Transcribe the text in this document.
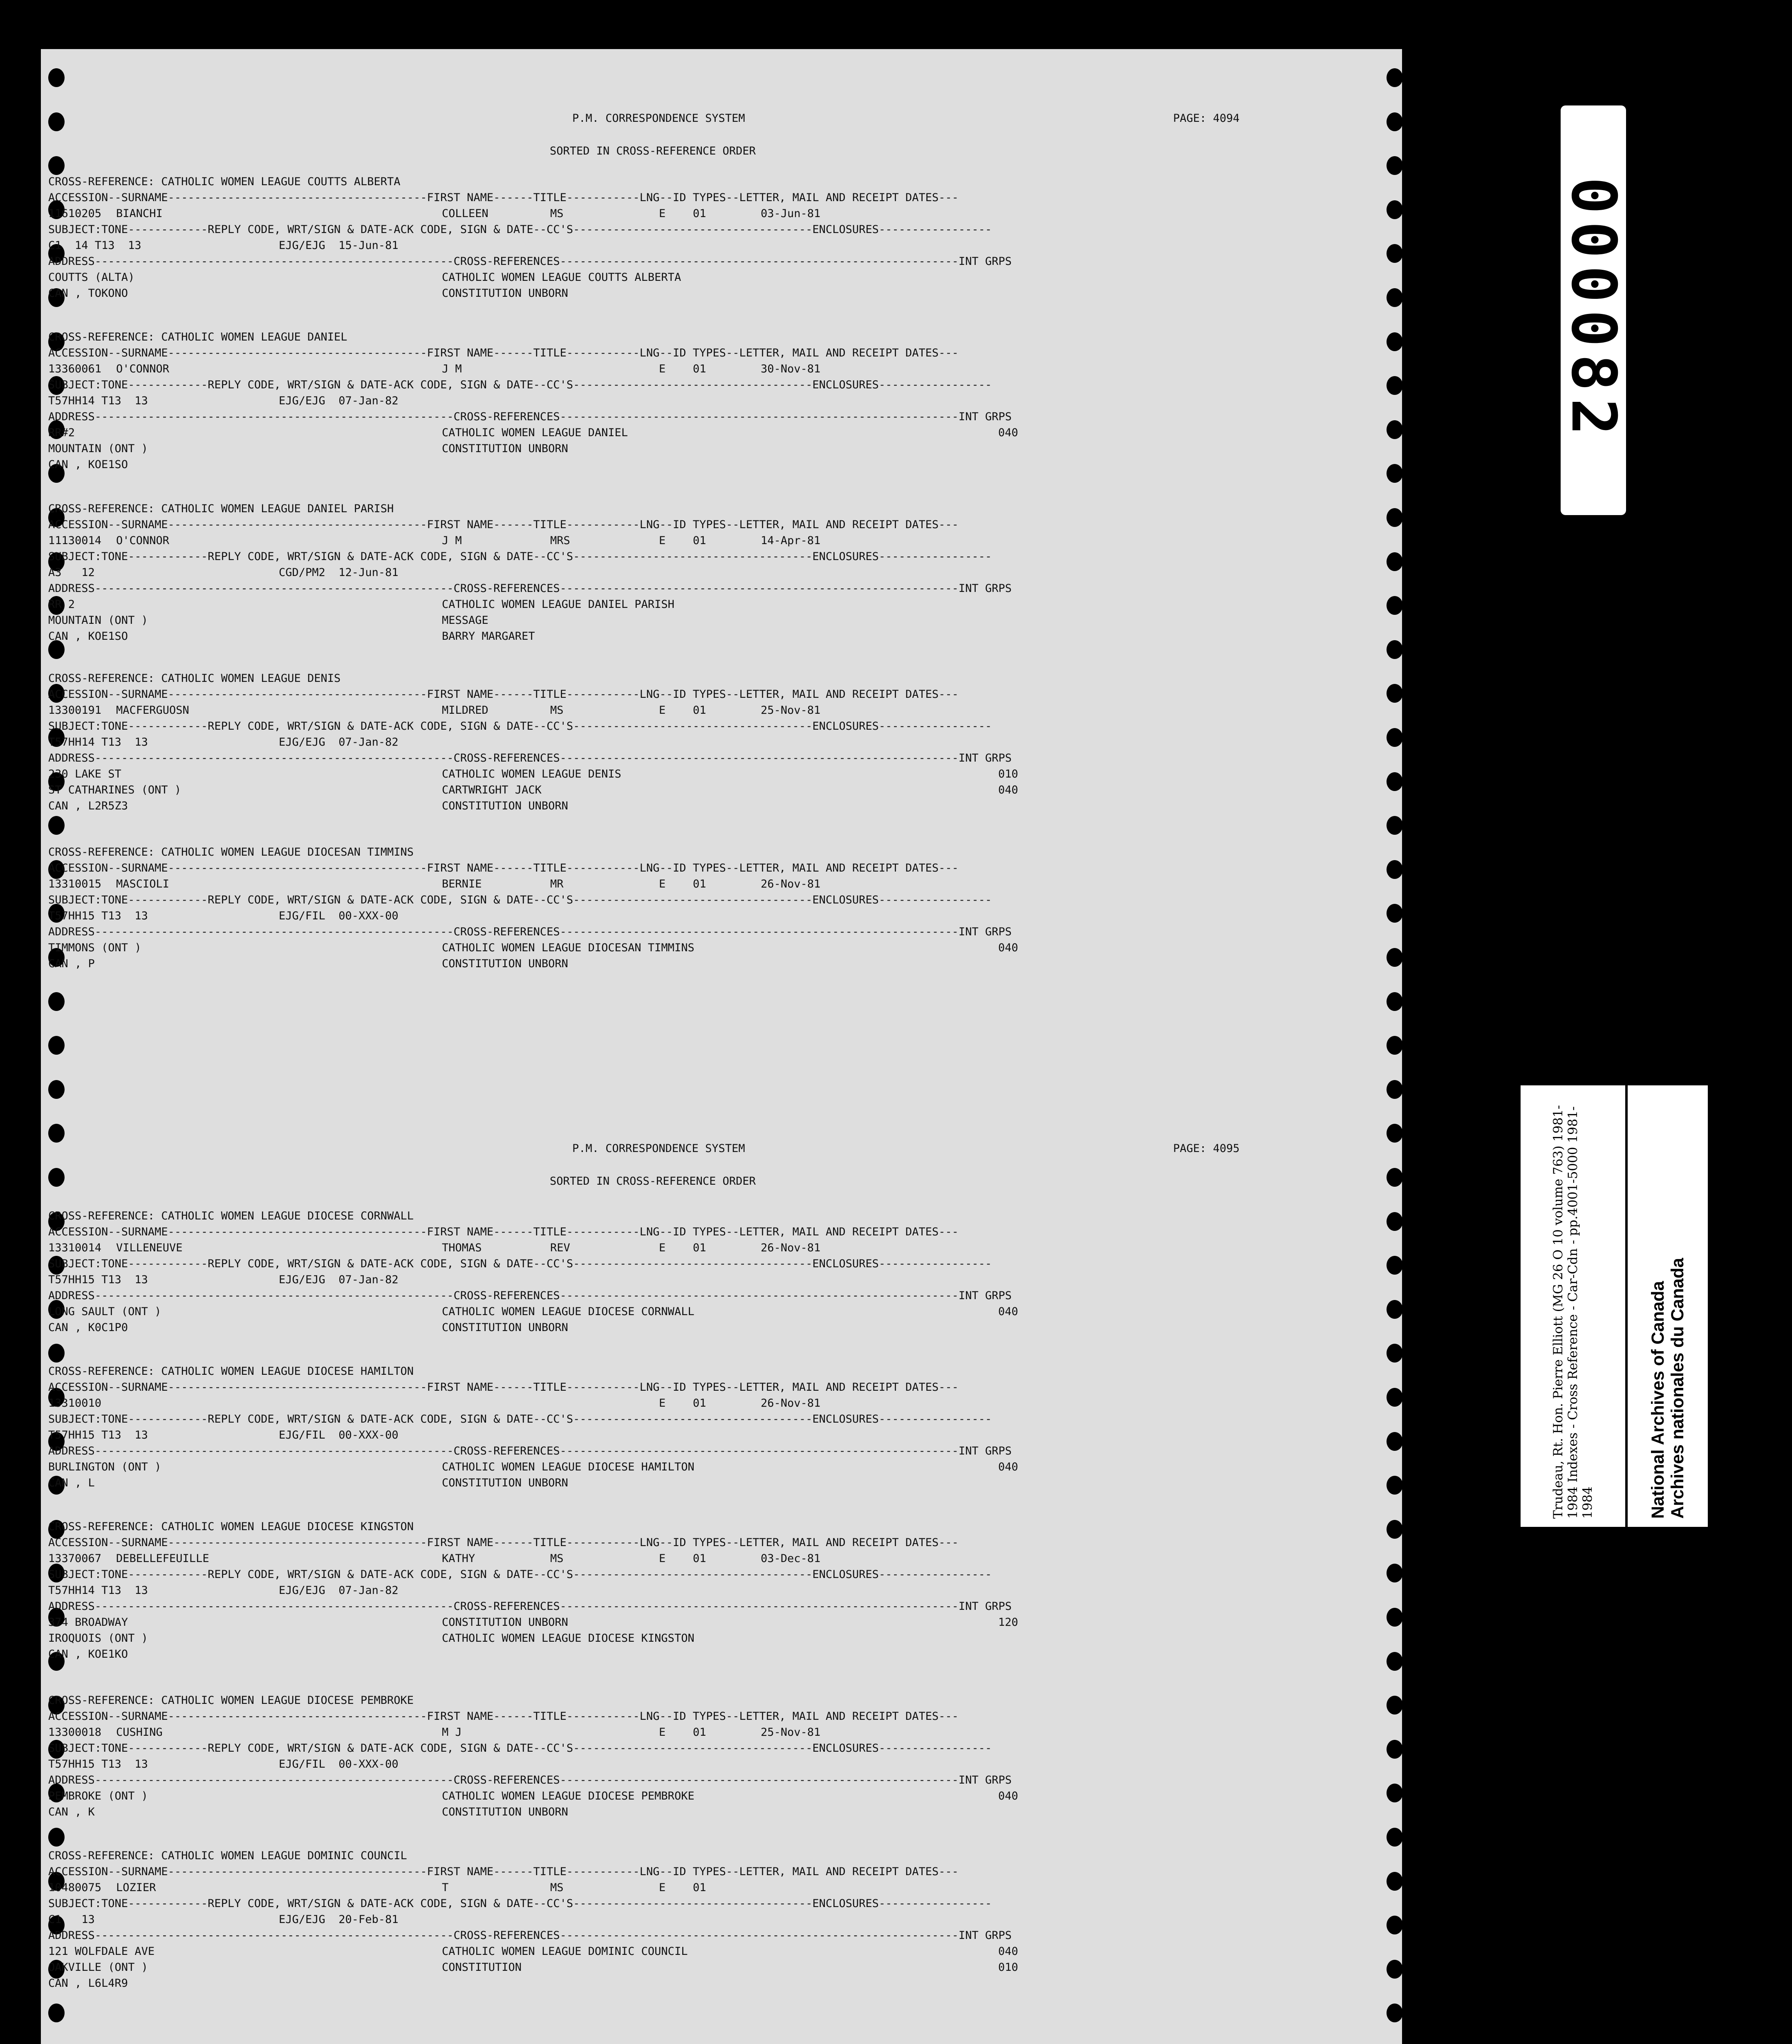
P.M. CORRESPONDENCE SYSTEM	PAGE: 4094
SORTED IN CROSS-REFERENCE ORDER
CROSS-REFERENCE: CATHOLIC WOMEN LEAGUE COUTTS ALBERTA
ACCESSION--SURNAME---------------------------------------FIRST NAME------TITLE-----------LNG--ID TYPES--LETTER, MAIL AND RECEIPT DATES---
11610205 BIANCHI	COLLEEN	MS	E 01	03-Jun-81
SUBJECT:TONE------------REPLY CODE, WRT/SIGN & DATE-ACK CODE, SIGN & DATE--CC'S------------------------------------ENCLOSURES-----------------
C1  14 T13  13	EJG/EJG  15-Jun-81
ADDRESS------------------------------------------------------CROSS-REFERENCES------------------------------------------------------------INT GRPS
COUTTS (ALTA)	CATHOLIC WOMEN LEAGUE COUTTS ALBERTA
CAN , TOKONO	CONSTITUTION UNBORN
CROSS-REFERENCE: CATHOLIC WOMEN LEAGUE DANIEL
ACCESSION--SURNAME---------------------------------------FIRST NAME------TITLE-----------LNG--ID TYPES--LETTER, MAIL AND RECEIPT DATES---
13360061 O'CONNOR	J M	E 01	30-Nov-81
SUBJECT:TONE------------REPLY CODE, WRT/SIGN & DATE-ACK CODE, SIGN & DATE--CC'S------------------------------------ENCLOSURES-----------------
T57HH14 T13  13	EJG/EJG  07-Jan-82
ADDRESS------------------------------------------------------CROSS-REFERENCES------------------------------------------------------------INT GRPS
RR#2	CATHOLIC WOMEN LEAGUE DANIEL	040
MOUNTAIN (ONT )	CONSTITUTION UNBORN
CAN , KOE1SO
CROSS-REFERENCE: CATHOLIC WOMEN LEAGUE DANIEL PARISH
ACCESSION--SURNAME---------------------------------------FIRST NAME------TITLE-----------LNG--ID TYPES--LETTER, MAIL AND RECEIPT DATES---
11130014 O'CONNOR	J M	MRS	E 01	14-Apr-81
SUBJECT:TONE------------REPLY CODE, WRT/SIGN & DATE-ACK CODE, SIGN & DATE--CC'S------------------------------------ENCLOSURES-----------------
A3   12	CGD/PM2  12-Jun-81
ADDRESS------------------------------------------------------CROSS-REFERENCES------------------------------------------------------------INT GRPS
RR 2	CATHOLIC WOMEN LEAGUE DANIEL PARISH
MOUNTAIN (ONT )	MESSAGE
CAN , KOE1SO	BARRY MARGARET
CROSS-REFERENCE: CATHOLIC WOMEN LEAGUE DENIS
ACCESSION--SURNAME---------------------------------------FIRST NAME------TITLE-----------LNG--ID TYPES--LETTER, MAIL AND RECEIPT DATES---
13300191 MACFERGUOSN	MILDRED	MS	E 01	25-Nov-81
SUBJECT:TONE------------REPLY CODE, WRT/SIGN & DATE-ACK CODE, SIGN & DATE--CC'S------------------------------------ENCLOSURES-----------------
T57HH14 T13  13	EJG/EJG  07-Jan-82
ADDRESS------------------------------------------------------CROSS-REFERENCES------------------------------------------------------------INT GRPS
230 LAKE ST	CATHOLIC WOMEN LEAGUE DENIS	010
ST CATHARINES (ONT )	CARTWRIGHT JACK	040
CAN , L2R5Z3	CONSTITUTION UNBORN
CROSS-REFERENCE: CATHOLIC WOMEN LEAGUE DIOCESAN TIMMINS
ACCESSION--SURNAME---------------------------------------FIRST NAME------TITLE-----------LNG--ID TYPES--LETTER, MAIL AND RECEIPT DATES---
13310015 MASCIOLI	BERNIE	MR	E 01	26-Nov-81
SUBJECT:TONE------------REPLY CODE, WRT/SIGN & DATE-ACK CODE, SIGN & DATE--CC'S------------------------------------ENCLOSURES-----------------
T57HH15 T13  13	EJG/FIL  00-XXX-00
ADDRESS------------------------------------------------------CROSS-REFERENCES------------------------------------------------------------INT GRPS
TIMMONS (ONT )	CATHOLIC WOMEN LEAGUE DIOCESAN TIMMINS	040
CAN , P	CONSTITUTION UNBORN
P.M. CORRESPONDENCE SYSTEM	PAGE: 4095
SORTED IN CROSS-REFERENCE ORDER
CROSS-REFERENCE: CATHOLIC WOMEN LEAGUE DIOCESE CORNWALL
ACCESSION--SURNAME---------------------------------------FIRST NAME------TITLE-----------LNG--ID TYPES--LETTER, MAIL AND RECEIPT DATES---
13310014 VILLENEUVE	THOMAS	REV	E 01	26-Nov-81
SUBJECT:TONE------------REPLY CODE, WRT/SIGN & DATE-ACK CODE, SIGN & DATE--CC'S------------------------------------ENCLOSURES-----------------
T57HH15 T13  13	EJG/EJG  07-Jan-82
ADDRESS------------------------------------------------------CROSS-REFERENCES------------------------------------------------------------INT GRPS
LONG SAULT (ONT )	CATHOLIC WOMEN LEAGUE DIOCESE CORNWALL	040
CAN , K0C1P0	CONSTITUTION UNBORN
CROSS-REFERENCE: CATHOLIC WOMEN LEAGUE DIOCESE HAMILTON
ACCESSION--SURNAME---------------------------------------FIRST NAME------TITLE-----------LNG--ID TYPES--LETTER, MAIL AND RECEIPT DATES---
13310010	E 01	26-Nov-81
SUBJECT:TONE------------REPLY CODE, WRT/SIGN & DATE-ACK CODE, SIGN & DATE--CC'S------------------------------------ENCLOSURES-----------------
T57HH15 T13  13	EJG/FIL  00-XXX-00
ADDRESS------------------------------------------------------CROSS-REFERENCES------------------------------------------------------------INT GRPS
BURLINGTON (ONT )	CATHOLIC WOMEN LEAGUE DIOCESE HAMILTON	040
CAN , L	CONSTITUTION UNBORN
CROSS-REFERENCE: CATHOLIC WOMEN LEAGUE DIOCESE KINGSTON
ACCESSION--SURNAME---------------------------------------FIRST NAME------TITLE-----------LNG--ID TYPES--LETTER, MAIL AND RECEIPT DATES---
13370067 DEBELLEFEUILLE	KATHY	MS	E 01	03-Dec-81
SUBJECT:TONE------------REPLY CODE, WRT/SIGN & DATE-ACK CODE, SIGN & DATE--CC'S------------------------------------ENCLOSURES-----------------
T57HH14 T13  13	EJG/EJG  07-Jan-82
ADDRESS------------------------------------------------------CROSS-REFERENCES------------------------------------------------------------INT GRPS
374 BROADWAY	CONSTITUTION UNBORN	120
IROQUOIS (ONT )	CATHOLIC WOMEN LEAGUE DIOCESE KINGSTON
CAN , KOE1KO
CROSS-REFERENCE: CATHOLIC WOMEN LEAGUE DIOCESE PEMBROKE
ACCESSION--SURNAME---------------------------------------FIRST NAME------TITLE-----------LNG--ID TYPES--LETTER, MAIL AND RECEIPT DATES---
13300018 CUSHING	M J	E 01	25-Nov-81
SUBJECT:TONE------------REPLY CODE, WRT/SIGN & DATE-ACK CODE, SIGN & DATE--CC'S------------------------------------ENCLOSURES-----------------
T57HH15 T13  13	EJG/FIL  00-XXX-00
ADDRESS------------------------------------------------------CROSS-REFERENCES------------------------------------------------------------INT GRPS
PEMBROKE (ONT )	CATHOLIC WOMEN LEAGUE DIOCESE PEMBROKE	040
CAN , K	CONSTITUTION UNBORN
CROSS-REFERENCE: CATHOLIC WOMEN LEAGUE DOMINIC COUNCIL
ACCESSION--SURNAME---------------------------------------FIRST NAME------TITLE-----------LNG--ID TYPES--LETTER, MAIL AND RECEIPT DATES---
10480075 LOZIER	T	MS	E 01
SUBJECT:TONE------------REPLY CODE, WRT/SIGN & DATE-ACK CODE, SIGN & DATE--CC'S------------------------------------ENCLOSURES-----------------
C1   13	EJG/EJG  20-Feb-81
ADDRESS------------------------------------------------------CROSS-REFERENCES------------------------------------------------------------INT GRPS
121 WOLFDALE AVE	CATHOLIC WOMEN LEAGUE DOMINIC COUNCIL	040
OAKVILLE (ONT )	CONSTITUTION	010
CAN , L6L4R9
000082
Trudeau, Rt. Hon. Pierre Elliott (MG 26 O 10 volume 763) 1981-1984 Indexes - Cross Reference - Car-Cdn - pp.4001-5000 1981-1984	National Archives of Canada Archives nationales du Canada
